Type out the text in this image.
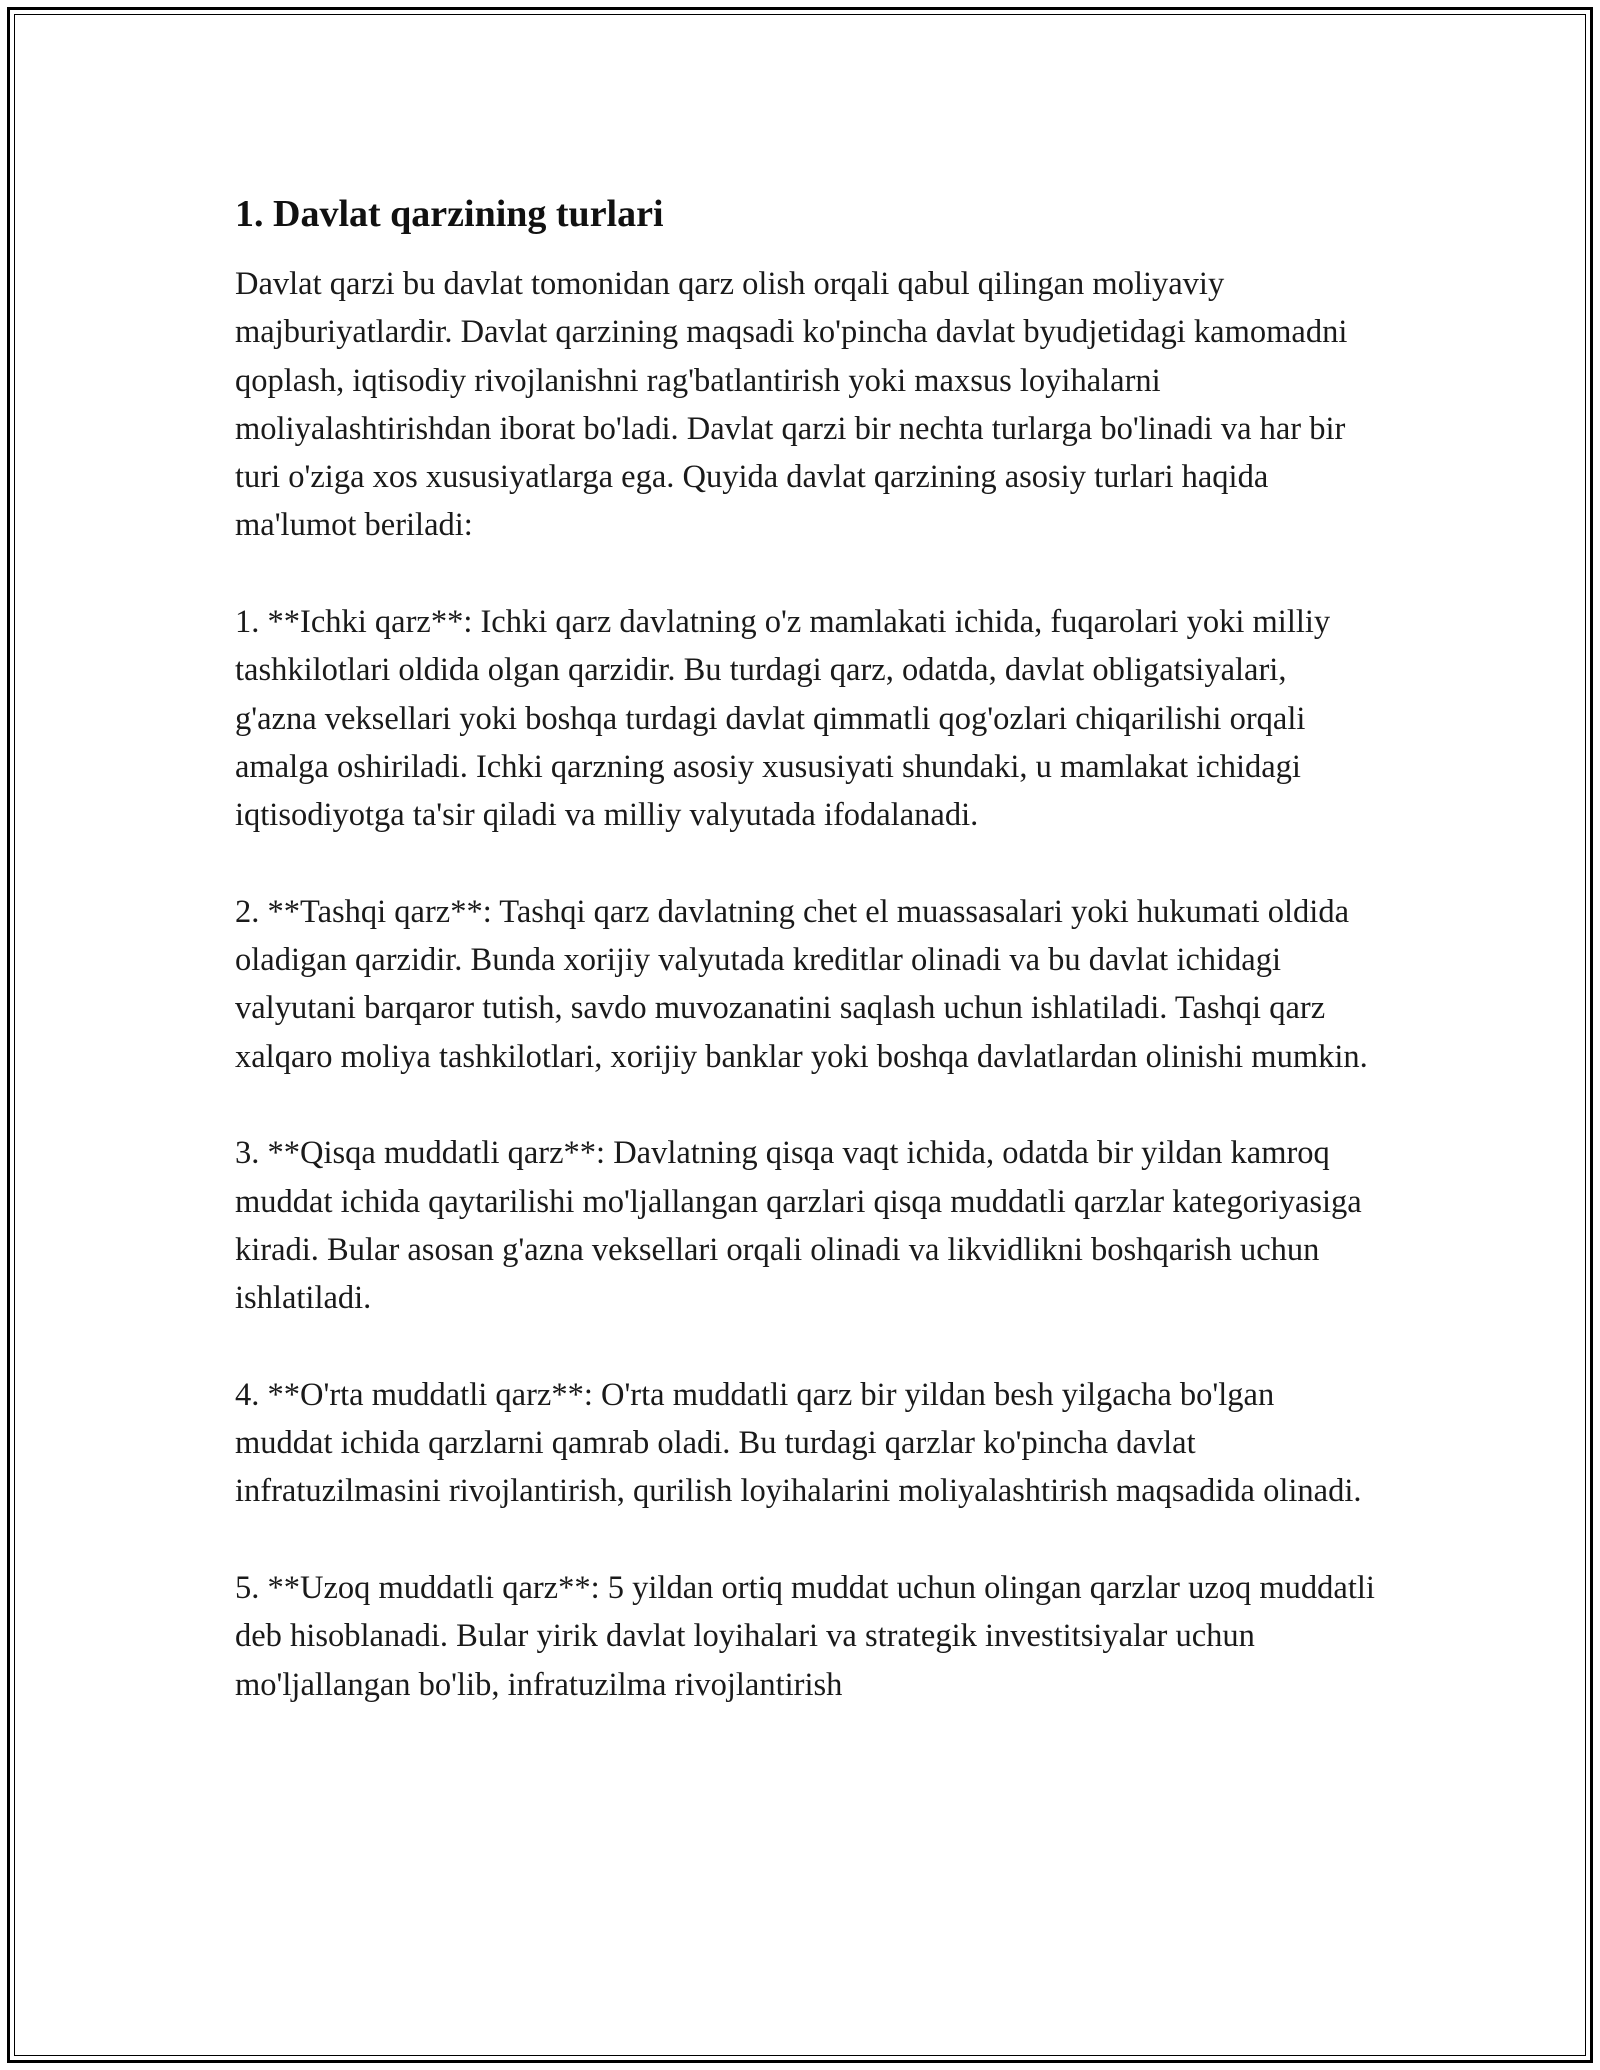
1. Davlat qarzining turlari

Davlat qarzi bu davlat tomonidan qarz olish orqali qabul qilingan moliyaviy majburiyatlardir. Davlat qarzining maqsadi ko'pincha davlat byudjetidagi kamomadni qoplash, iqtisodiy rivojlanishni rag'batlantirish yoki maxsus loyihalarni moliyalashtirishdan iborat bo'ladi. Davlat qarzi bir nechta turlarga bo'linadi va har bir turi o'ziga xos xususiyatlarga ega. Quyida davlat qarzining asosiy turlari haqida ma'lumot beriladi:

1. **Ichki qarz**: Ichki qarz davlatning o'z mamlakati ichida, fuqarolari yoki milliy tashkilotlari oldida olgan qarzidir. Bu turdagi qarz, odatda, davlat obligatsiyalari, g'azna veksellari yoki boshqa turdagi davlat qimmatli qog'ozlari chiqarilishi orqali amalga oshiriladi. Ichki qarzning asosiy xususiyati shundaki, u mamlakat ichidagi iqtisodiyotga ta'sir qiladi va milliy valyutada ifodalanadi.

2. **Tashqi qarz**: Tashqi qarz davlatning chet el muassasalari yoki hukumati oldida oladigan qarzidir. Bunda xorijiy valyutada kreditlar olinadi va bu davlat ichidagi valyutani barqaror tutish, savdo muvozanatini saqlash uchun ishlatiladi. Tashqi qarz xalqaro moliya tashkilotlari, xorijiy banklar yoki boshqa davlatlardan olinishi mumkin.

3. **Qisqa muddatli qarz**: Davlatning qisqa vaqt ichida, odatda bir yildan kamroq muddat ichida qaytarilishi mo'ljallangan qarzlari qisqa muddatli qarzlar kategoriyasiga kiradi. Bular asosan g'azna veksellari orqali olinadi va likvidlikni boshqarish uchun ishlatiladi.

4. **O'rta muddatli qarz**: O'rta muddatli qarz bir yildan besh yilgacha bo'lgan muddat ichida qarzlarni qamrab oladi. Bu turdagi qarzlar ko'pincha davlat infratuzilmasini rivojlantirish, qurilish loyihalarini moliyalashtirish maqsadida olinadi.

5. **Uzoq muddatli qarz**: 5 yildan ortiq muddat uchun olingan qarzlar uzoq muddatli deb hisoblanadi. Bular yirik davlat loyihalari va strategik investitsiyalar uchun mo'ljallangan bo'lib, infratuzilma rivojlantirish
